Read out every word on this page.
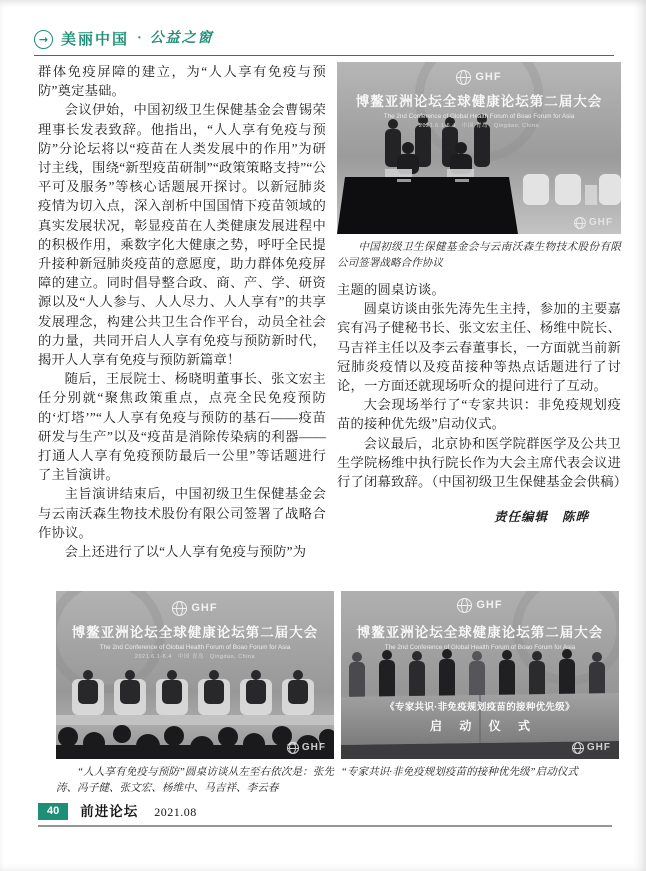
→ 美丽中国 · 公益之窗

群体免疫屏障的建立，为“人人享有免疫与预防”奠定基础。

会议伊始，中国初级卫生保健基金会曹锡荣理事长发表致辞。他指出，“人人享有免疫与预防”分论坛将以“疫苗在人类发展中的作用”为研讨主线，围绕“新型疫苗研制”“政策策略支持”“公平可及服务”等核心话题展开探讨。以新冠肺炎疫情为切入点，深入剖析中国国情下疫苗领域的真实发展状况，彰显疫苗在人类健康发展进程中的积极作用，乘数字化大健康之势，呼吁全民提升接种新冠肺炎疫苗的意愿度，助力群体免疫屏障的建立。同时倡导整合政、商、产、学、研资源以及“人人参与、人人尽力、人人享有”的共享发展理念，构建公共卫生合作平台，动员全社会的力量，共同开启人人享有免疫与预防新时代，揭开人人享有免疫与预防新篇章！

随后，王辰院士、杨晓明董事长、张文宏主任分别就“聚焦政策重点，点亮全民免疫预防的‘灯塔’”“人人享有免疫与预防的基石——疫苗研发与生产”以及“疫苗是消除传染病的利器——打通人人享有免疫预防最后一公里”等话题进行了主旨演讲。

主旨演讲结束后，中国初级卫生保健基金会与云南沃森生物技术股份有限公司签署了战略合作协议。

会上还进行了以“人人享有免疫与预防”为

GHF
博鳌亚洲论坛全球健康论坛第二届大会
The 2nd Conference of Global Health Forum of Boao Forum for Asia
2021.6.1-6.4　中国 青岛　Qingdao, China
GHF
中国初级卫生保健基金会与云南沃森生物技术股份有限公司签署战略合作协议

主题的圆桌访谈。

圆桌访谈由张先涛先生主持，参加的主要嘉宾有冯子健秘书长、张文宏主任、杨维中院长、马吉祥主任以及李云春董事长，一方面就当前新冠肺炎疫情以及疫苗接种等热点话题进行了讨论，一方面还就现场听众的提问进行了互动。

大会现场举行了“专家共识：非免疫规划疫苗的接种优先级”启动仪式。

会议最后，北京协和医学院群医学及公共卫生学院杨维中执行院长作为大会主席代表会议进行了闭幕致辞。（中国初级卫生保健基金会供稿）

责任编辑 陈晔
GHF
博鳌亚洲论坛全球健康论坛第二届大会
The 2nd Conference of Global Health Forum of Boao Forum for Asia
2021.6.1-6.4　中国 青岛　Qingdao, China
GHF
“人人享有免疫与预防”圆桌访谈从左至右依次是：张先涛、冯子健、张文宏、杨维中、马吉祥、李云春
GHF
博鳌亚洲论坛全球健康论坛第二届大会
The 2nd Conference of Global Health Forum of Boao Forum for Asia
《专家共识·非免疫规划疫苗的接种优先级》
启 动 仪 式
GHF
“专家共识·非免疫规划疫苗的接种优先级”启动仪式
40	前进论坛 2021.08
